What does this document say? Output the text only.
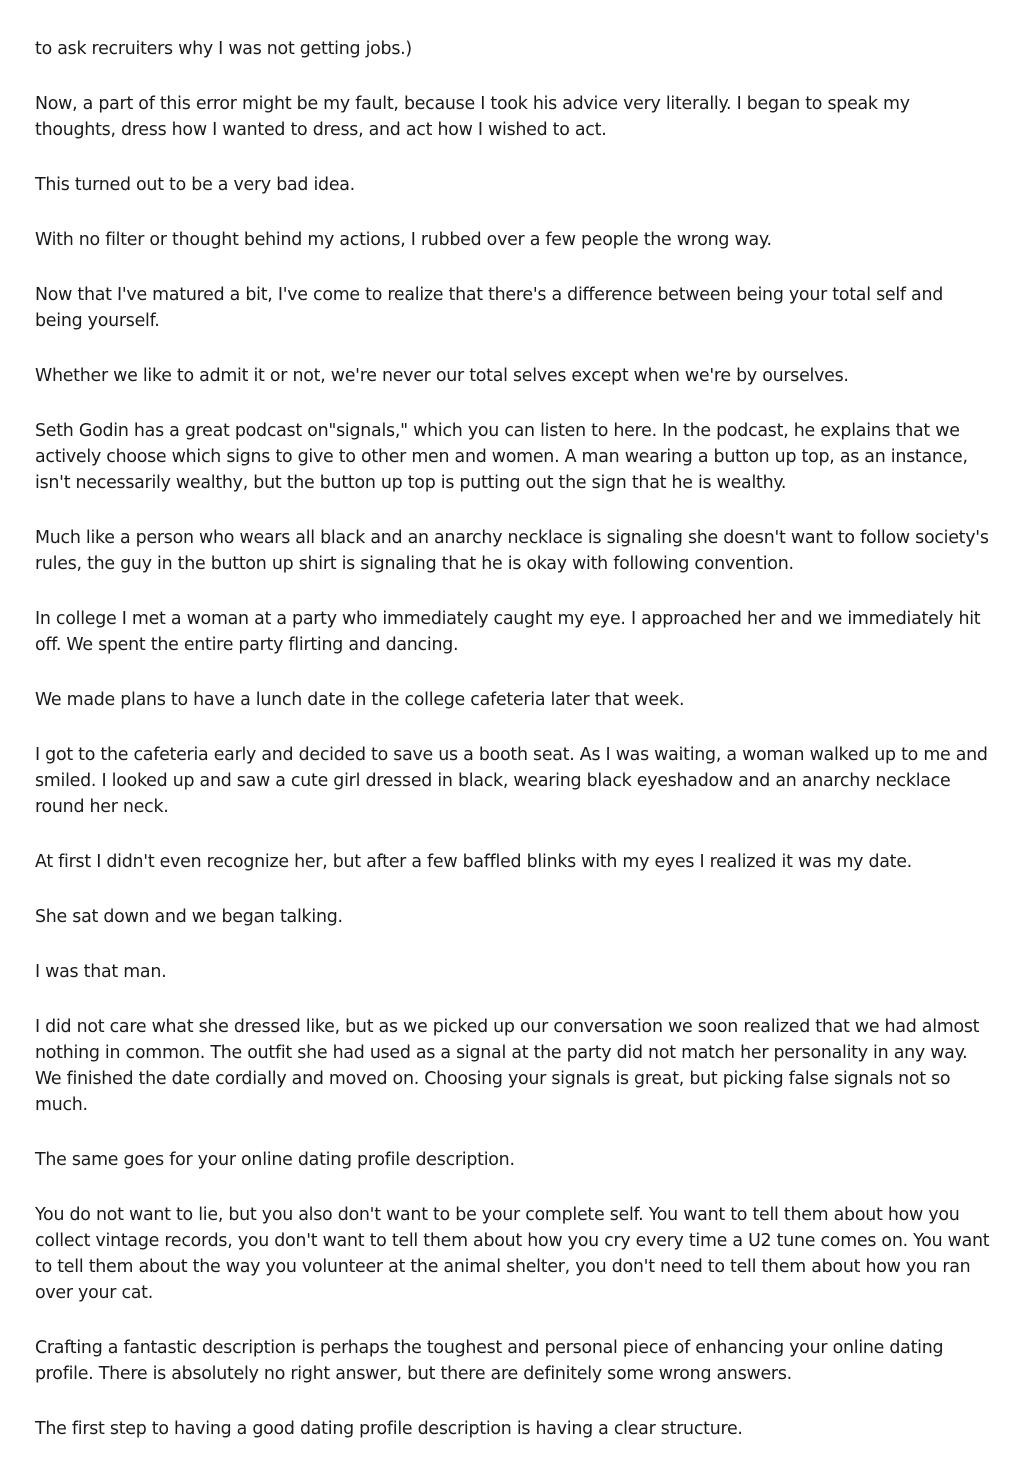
to ask recruiters why I was not getting jobs.)

Now, a part of this error might be my fault, because I took his advice very literally. I began to speak my thoughts, dress how I wanted to dress, and act how I wished to act.

This turned out to be a very bad idea.

With no filter or thought behind my actions, I rubbed over a few people the wrong way.

Now that I've matured a bit, I've come to realize that there's a difference between being your total self and being yourself.

Whether we like to admit it or not, we're never our total selves except when we're by ourselves.

Seth Godin has a great podcast on"signals," which you can listen to here. In the podcast, he explains that we actively choose which signs to give to other men and women. A man wearing a button up top, as an instance, isn't necessarily wealthy, but the button up top is putting out the sign that he is wealthy.

Much like a person who wears all black and an anarchy necklace is signaling she doesn't want to follow society's rules, the guy in the button up shirt is signaling that he is okay with following convention.

In college I met a woman at a party who immediately caught my eye. I approached her and we immediately hit off. We spent the entire party flirting and dancing.

We made plans to have a lunch date in the college cafeteria later that week.

I got to the cafeteria early and decided to save us a booth seat. As I was waiting, a woman walked up to me and smiled. I looked up and saw a cute girl dressed in black, wearing black eyeshadow and an anarchy necklace round her neck.

At first I didn't even recognize her, but after a few baffled blinks with my eyes I realized it was my date.

She sat down and we began talking.

I was that man.

I did not care what she dressed like, but as we picked up our conversation we soon realized that we had almost nothing in common. The outfit she had used as a signal at the party did not match her personality in any way. We finished the date cordially and moved on. Choosing your signals is great, but picking false signals not so much.

The same goes for your online dating profile description.

You do not want to lie, but you also don't want to be your complete self. You want to tell them about how you collect vintage records, you don't want to tell them about how you cry every time a U2 tune comes on. You want to tell them about the way you volunteer at the animal shelter, you don't need to tell them about how you ran over your cat.

Crafting a fantastic description is perhaps the toughest and personal piece of enhancing your online dating profile. There is absolutely no right answer, but there are definitely some wrong answers.

The first step to having a good dating profile description is having a clear structure.
